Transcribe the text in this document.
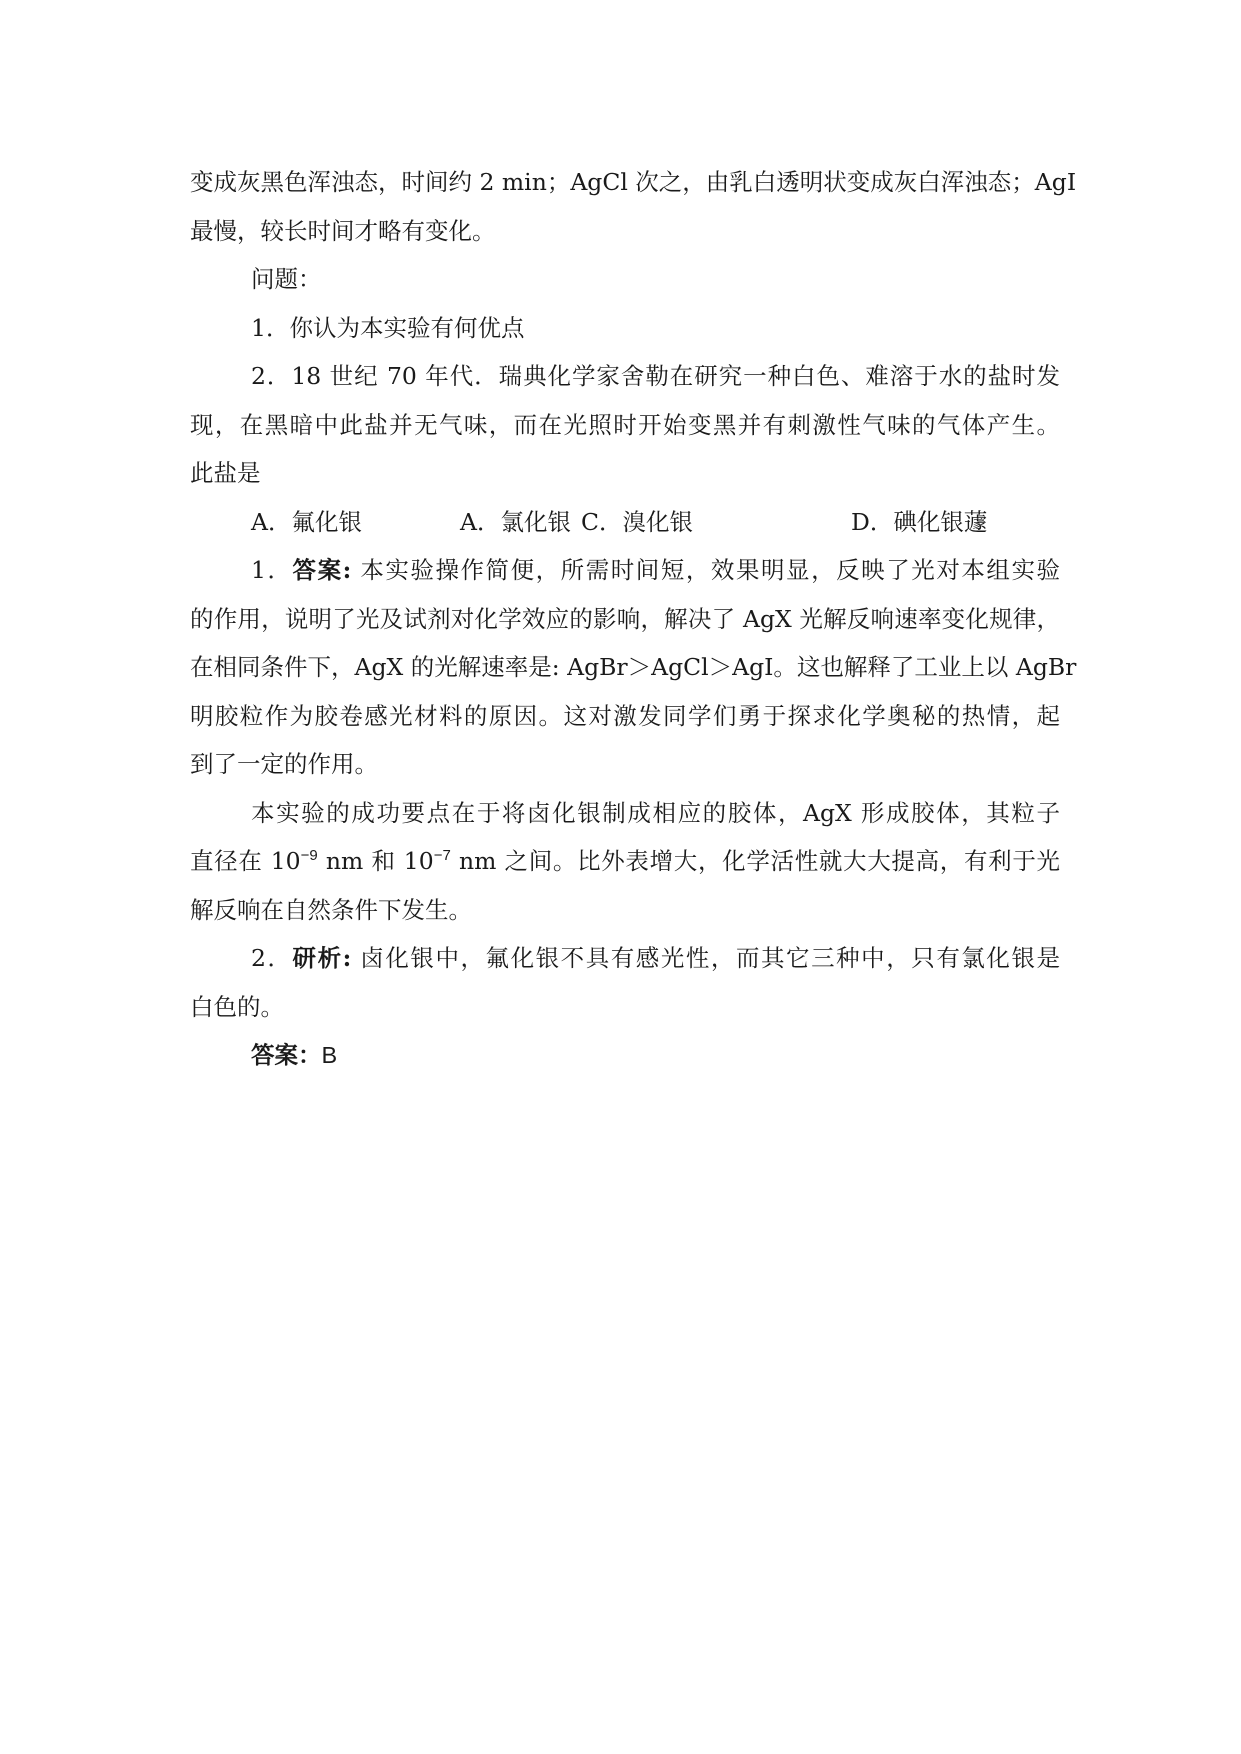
变成灰黑色浑浊态，时间约 2 min；AgCl 次之，由乳白透明状变成灰白浑浊态；AgI
最慢，较长时间才略有变化。
问题：
1．你认为本实验有何优点
2．18 世纪 70 年代．瑞典化学家舍勒在研究一种白色、难溶于水的盐时发
现，在黑暗中此盐并无气味，而在光照时开始变黑并有刺激性气味的气体产生。
此盐是
A．氟化银	A．氯化银 C．溴化银	D．碘化银蘧
1．答案: 本实验操作简便，所需时间短，效果明显，反映了光对本组实验
的作用，说明了光及试剂对化学效应的影响，解决了 AgX 光解反响速率变化规律，
在相同条件下，AgX 的光解速率是: AgBr＞AgCl＞AgI。这也解释了工业上以 AgBr
明胶粒作为胶卷感光材料的原因。这对激发同学们勇于探求化学奥秘的热情，起
到了一定的作用。
本实验的成功要点在于将卤化银制成相应的胶体，AgX 形成胶体，其粒子
直径在 $10^{-9}$ nm 和 $10^{-7}$ nm 之间。比外表增大，化学活性就大大提高，有利于光
解反响在自然条件下发生。
2．研析: 卤化银中，氟化银不具有感光性，而其它三种中，只有氯化银是
白色的。
答案：B
